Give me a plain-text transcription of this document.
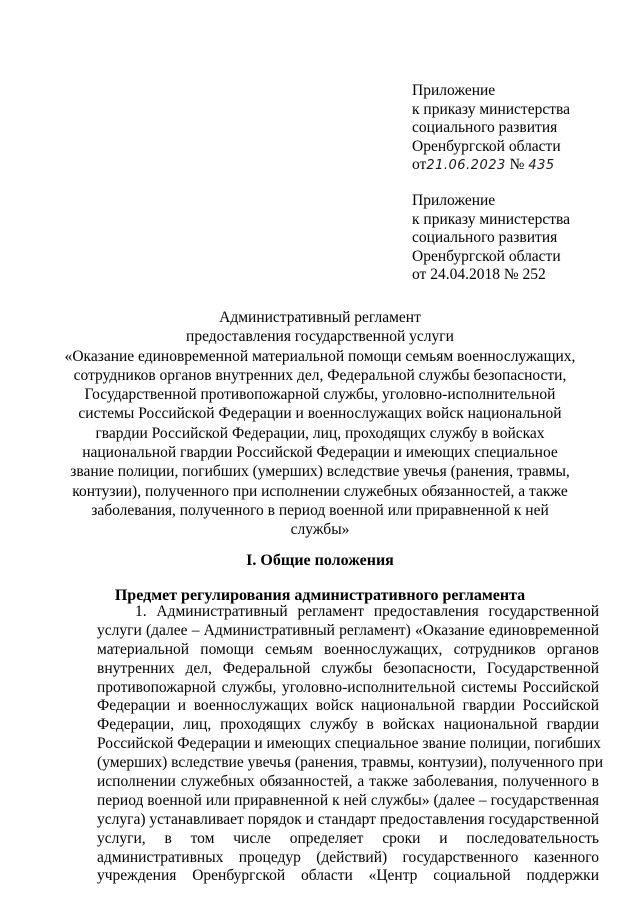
Приложение
к приказу министерства
социального развития
Оренбургской области
от21.06.2023 № 435
Приложение
к приказу министерства
социального развития
Оренбургской области
от 24.04.2018 № 252
Административный регламент
предоставления государственной услуги
«Оказание единовременной материальной помощи семьям военнослужащих,
сотрудников органов внутренних дел, Федеральной службы безопасности,
Государственной противопожарной службы, уголовно-исполнительной
системы Российской Федерации и военнослужащих войск национальной
гвардии Российской Федерации, лиц, проходящих службу в войсках
национальной гвардии Российской Федерации и имеющих специальное
звание полиции, погибших (умерших) вследствие увечья (ранения, травмы,
контузии), полученного при исполнении служебных обязанностей, а также
заболевания, полученного в период военной или приравненной к ней
службы»
I. Общие положения
Предмет регулирования административного регламента
1. Административный регламент предоставления государственной
услуги (далее – Административный регламент) «Оказание единовременной
материальной помощи семьям военнослужащих, сотрудников органов
внутренних дел, Федеральной службы безопасности, Государственной
противопожарной службы, уголовно-исполнительной системы Российской
Федерации и военнослужащих войск национальной гвардии Российской
Федерации, лиц, проходящих службу в войсках национальной гвардии
Российской Федерации и имеющих специальное звание полиции, погибших
(умерших) вследствие увечья (ранения, травмы, контузии), полученного при
исполнении служебных обязанностей, а также заболевания, полученного в
период военной или приравненной к ней службы» (далее – государственная
услуга) устанавливает порядок и стандарт предоставления государственной
услуги, в том числе определяет сроки и последовательность
административных процедур (действий) государственного казенного
учреждения Оренбургской области «Центр социальной поддержки
